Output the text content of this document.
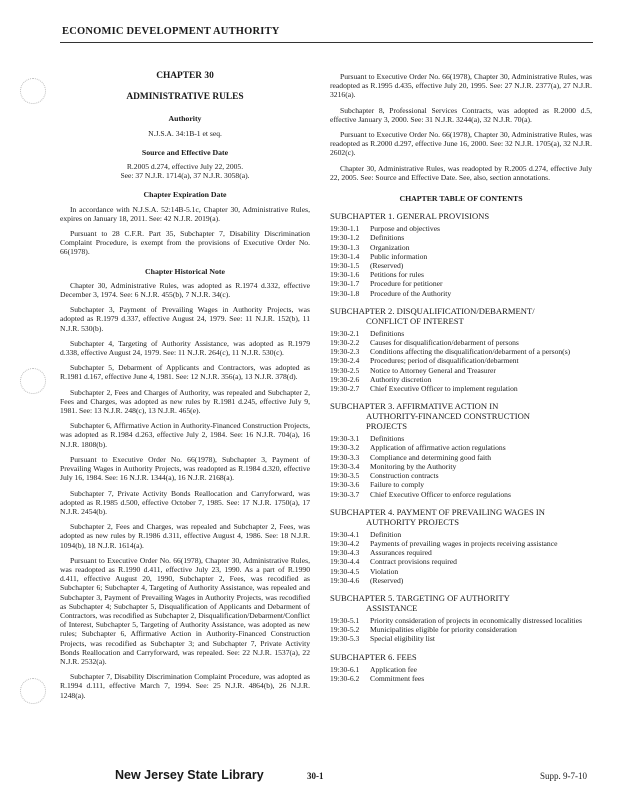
ECONOMIC DEVELOPMENT AUTHORITY
CHAPTER 30
ADMINISTRATIVE RULES
Authority

N.J.S.A. 34:1B-1 et seq.

Source and Effective Date

R.2005 d.274, effective July 22, 2005.

See: 37 N.J.R. 1714(a), 37 N.J.R. 3058(a).

Chapter Expiration Date

In accordance with N.J.S.A. 52:14B-5.1c, Chapter 30, Administrative Rules, expires on January 18, 2011. See: 42 N.J.R. 2019(a).

Pursuant to 28 C.F.R. Part 35, Subchapter 7, Disability Discrimination Complaint Procedure, is exempt from the provisions of Executive Order No. 66(1978).

Chapter Historical Note

Chapter 30, Administrative Rules, was adopted as R.1974 d.332, effective December 3, 1974. See: 6 N.J.R. 455(b), 7 N.J.R. 34(c).

Subchapter 3, Payment of Prevailing Wages in Authority Projects, was adopted as R.1979 d.337, effective August 24, 1979. See: 11 N.J.R. 152(b), 11 N.J.R. 530(b).

Subchapter 4, Targeting of Authority Assistance, was adopted as R.1979 d.338, effective August 24, 1979. See: 11 N.J.R. 264(c), 11 N.J.R. 530(c).

Subchapter 5, Debarment of Applicants and Contractors, was adopted as R.1981 d.167, effective June 4, 1981. See: 12 N.J.R. 356(a), 13 N.J.R. 378(d).

Subchapter 2, Fees and Charges of Authority, was repealed and Subchapter 2, Fees and Charges, was adopted as new rules by R.1981 d.245, effective July 9, 1981. See: 13 N.J.R. 248(c), 13 N.J.R. 465(e).

Subchapter 6, Affirmative Action in Authority-Financed Construction Projects, was adopted as R.1984 d.263, effective July 2, 1984. See: 16 N.J.R. 704(a), 16 N.J.R. 1808(b).

Pursuant to Executive Order No. 66(1978), Subchapter 3, Payment of Prevailing Wages in Authority Projects, was readopted as R.1984 d.320, effective July 16, 1984. See: 16 N.J.R. 1344(a), 16 N.J.R. 2168(a).

Subchapter 7, Private Activity Bonds Reallocation and Carryforward, was adopted as R.1985 d.500, effective October 7, 1985. See: 17 N.J.R. 1750(a), 17 N.J.R. 2454(b).

Subchapter 2, Fees and Charges, was repealed and Subchapter 2, Fees, was adopted as new rules by R.1986 d.311, effective August 4, 1986. See: 18 N.J.R. 1094(b), 18 N.J.R. 1614(a).

Pursuant to Executive Order No. 66(1978), Chapter 30, Administrative Rules, was readopted as R.1990 d.411, effective July 23, 1990. As a part of R.1990 d.411, effective August 20, 1990, Subchapter 2, Fees, was recodified as Subchapter 6; Subchapter 4, Targeting of Authority Assistance, was repealed and Subchapter 3, Payment of Prevailing Wages in Authority Projects, was recodified as Subchapter 4; Subchapter 5, Disqualification of Applicants and Debarment of Contractors, was recodified as Subchapter 2, Disqualification/Debarment/Conflict of Interest, Subchapter 5, Targeting of Authority Assistance, was adopted as new rules; Subchapter 6, Affirmative Action in Authority-Financed Construction Projects, was recodified as Subchapter 3; and Subchapter 7, Private Activity Bonds Reallocation and Carryforward, was repealed. See: 22 N.J.R. 1537(a), 22 N.J.R. 2532(a).

Subchapter 7, Disability Discrimination Complaint Procedure, was adopted as R.1994 d.111, effective March 7, 1994. See: 25 N.J.R. 4864(b), 26 N.J.R. 1248(a).

Pursuant to Executive Order No. 66(1978), Chapter 30, Administrative Rules, was readopted as R.1995 d.435, effective July 20, 1995. See: 27 N.J.R. 2377(a), 27 N.J.R. 3216(a).

Subchapter 8, Professional Services Contracts, was adopted as R.2000 d.5, effective January 3, 2000. See: 31 N.J.R. 3244(a), 32 N.J.R. 70(a).

Pursuant to Executive Order No. 66(1978), Chapter 30, Administrative Rules, was readopted as R.2000 d.297, effective June 16, 2000. See: 32 N.J.R. 1705(a), 32 N.J.R. 2602(c).

Chapter 30, Administrative Rules, was readopted by R.2005 d.274, effective July 22, 2005. See: Source and Effective Date. See, also, section annotations.

CHAPTER TABLE OF CONTENTS
SUBCHAPTER 1. GENERAL PROVISIONS
19:30-1.1	Purpose and objectives
19:30-1.2	Definitions
19:30-1.3	Organization
19:30-1.4	Public information
19:30-1.5	(Reserved)
19:30-1.6	Petitions for rules
19:30-1.7	Procedure for petitioner
19:30-1.8	Procedure of the Authority
SUBCHAPTER 2. DISQUALIFICATION/DEBARMENT/
CONFLICT OF INTEREST
19:30-2.1	Definitions
19:30-2.2	Causes for disqualification/debarment of persons
19:30-2.3	Conditions affecting the disqualification/debarment of a person(s)
19:30-2.4	Procedures; period of disqualification/debarment
19:30-2.5	Notice to Attorney General and Treasurer
19:30-2.6	Authority discretion
19:30-2.7	Chief Executive Officer to implement regulation
SUBCHAPTER 3. AFFIRMATIVE ACTION IN
AUTHORITY-FINANCED CONSTRUCTION
PROJECTS
19:30-3.1	Definitions
19:30-3.2	Application of affirmative action regulations
19:30-3.3	Compliance and determining good faith
19:30-3.4	Monitoring by the Authority
19:30-3.5	Construction contracts
19:30-3.6	Failure to comply
19:30-3.7	Chief Executive Officer to enforce regulations
SUBCHAPTER 4. PAYMENT OF PREVAILING WAGES IN
AUTHORITY PROJECTS
19:30-4.1	Definition
19:30-4.2	Payments of prevailing wages in projects receiving assistance
19:30-4.3	Assurances required
19:30-4.4	Contract provisions required
19:30-4.5	Violation
19:30-4.6	(Reserved)
SUBCHAPTER 5. TARGETING OF AUTHORITY
ASSISTANCE
19:30-5.1	Priority consideration of projects in economically distressed localities
19:30-5.2	Municipalities eligible for priority consideration
19:30-5.3	Special eligibility list
SUBCHAPTER 6. FEES
19:30-6.1	Application fee
19:30-6.2	Commitment fees
New Jersey State Library	30-1	Supp. 9-7-10
